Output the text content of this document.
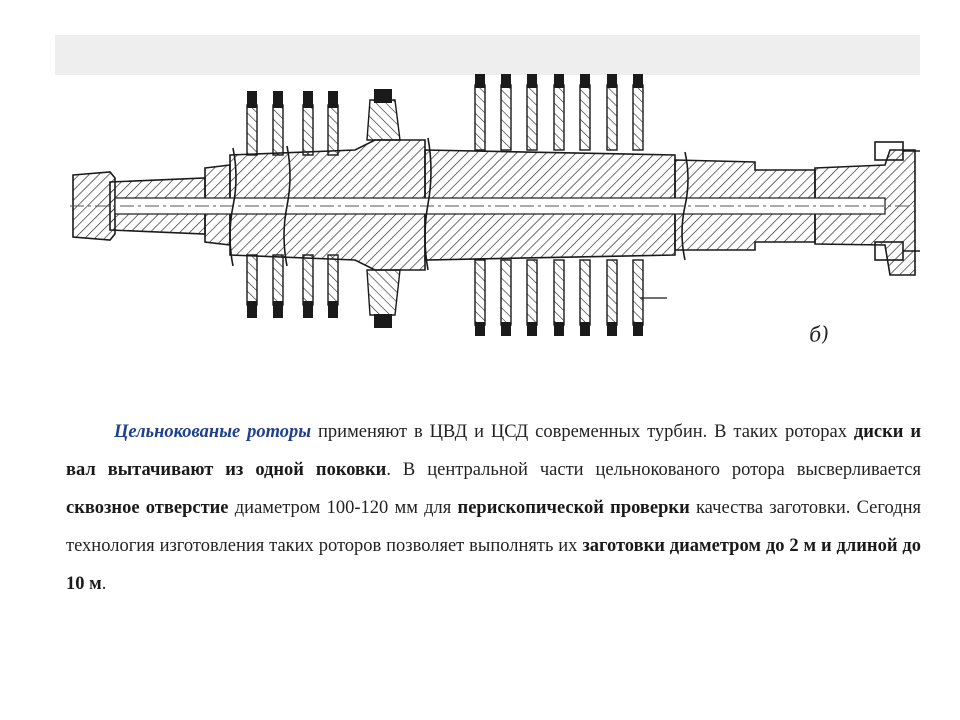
б)

Цельнокованые роторы применяют в ЦВД и ЦСД современных турбин. В таких роторах диски и вал вытачивают из одной поковки. В центральной части цельнокованого ротора высверливается сквозное отверстие диаметром 100-120 мм для перископической проверки качества заготовки. Сегодня технология изготовления таких роторов позволяет выполнять их заготовки диаметром до 2 м и длиной до 10 м.
